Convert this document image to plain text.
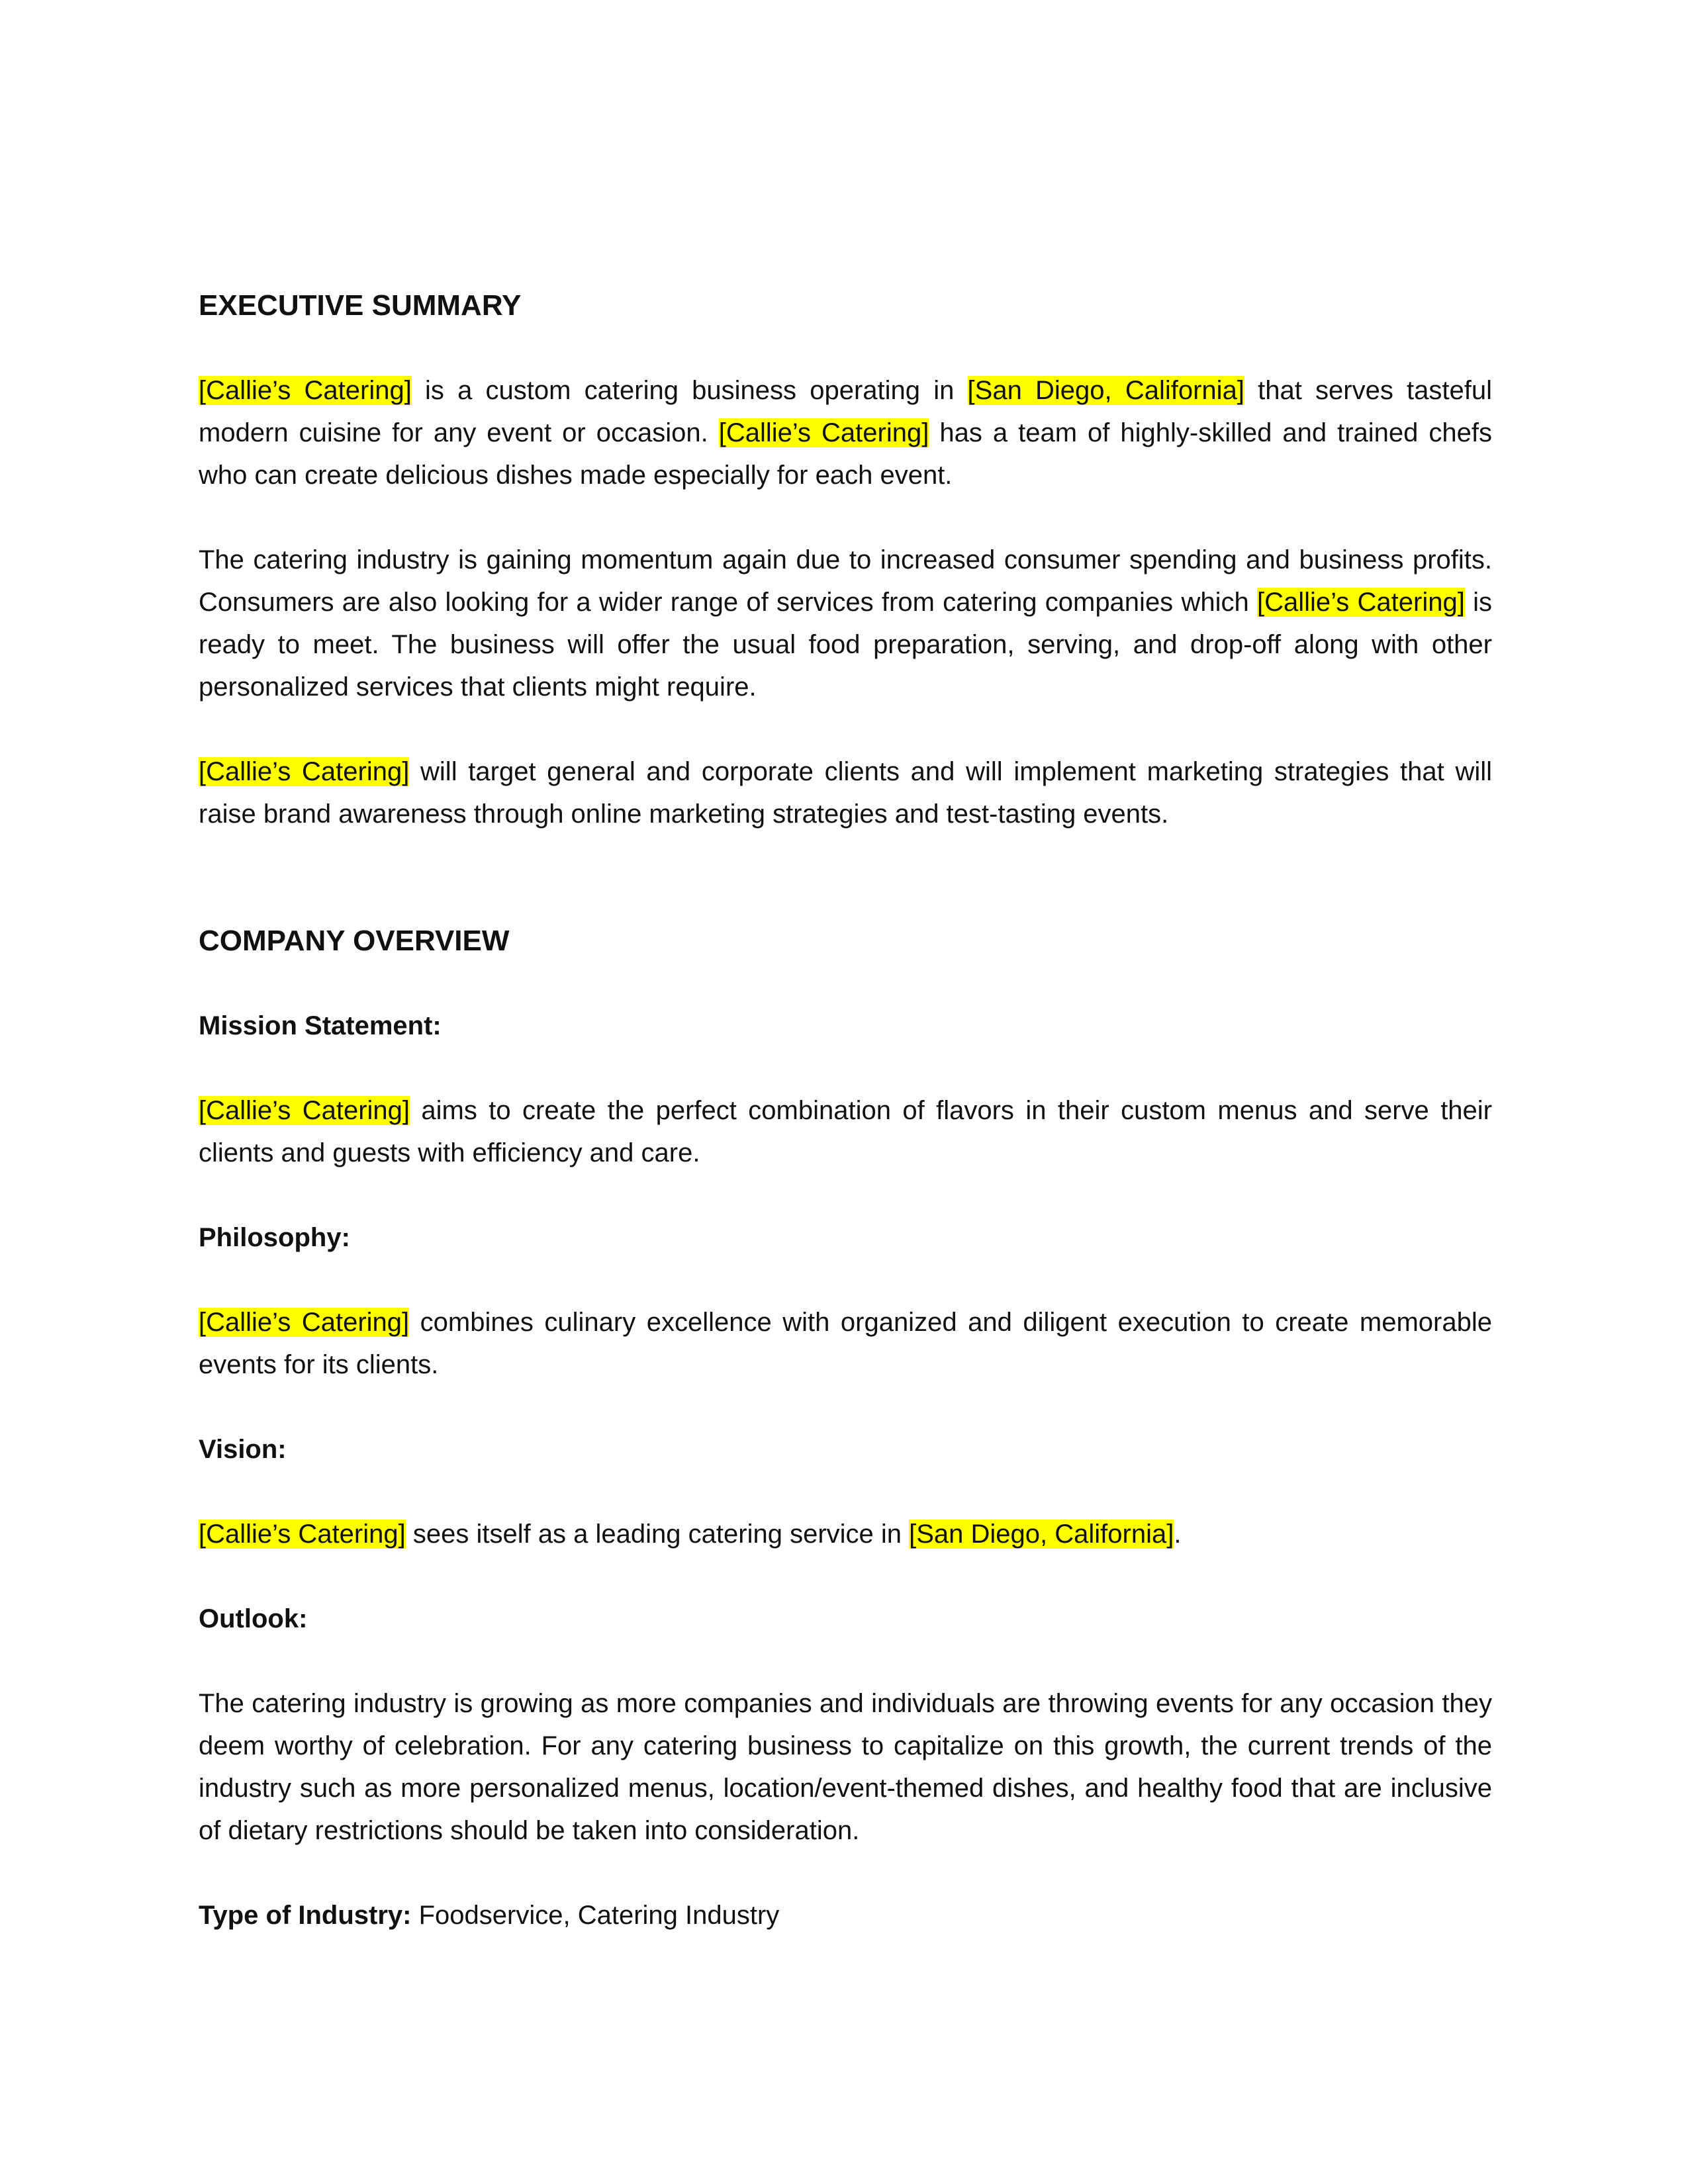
EXECUTIVE SUMMARY

[Callie’s Catering] is a custom catering business operating in [San Diego, California] that serves tasteful modern cuisine for any event or occasion. [Callie’s Catering] has a team of highly-skilled and trained chefs who can create delicious dishes made especially for each event.

The catering industry is gaining momentum again due to increased consumer spending and business profits. Consumers are also looking for a wider range of services from catering companies which [Callie’s Catering] is ready to meet. The business will offer the usual food preparation, serving, and drop-off along with other personalized services that clients might require.

[Callie’s Catering] will target general and corporate clients and will implement marketing strategies that will raise brand awareness through online marketing strategies and test-tasting events.

COMPANY OVERVIEW
Mission Statement:

[Callie’s Catering] aims to create the perfect combination of flavors in their custom menus and serve their clients and guests with efficiency and care.

Philosophy:

[Callie’s Catering] combines culinary excellence with organized and diligent execution to create memorable events for its clients.

Vision:

[Callie’s Catering] sees itself as a leading catering service in [San Diego, California].

Outlook:

The catering industry is growing as more companies and individuals are throwing events for any occasion they deem worthy of celebration. For any catering business to capitalize on this growth, the current trends of the industry such as more personalized menus, location/event-themed dishes, and healthy food that are inclusive of dietary restrictions should be taken into consideration.

Type of Industry: Foodservice, Catering Industry
